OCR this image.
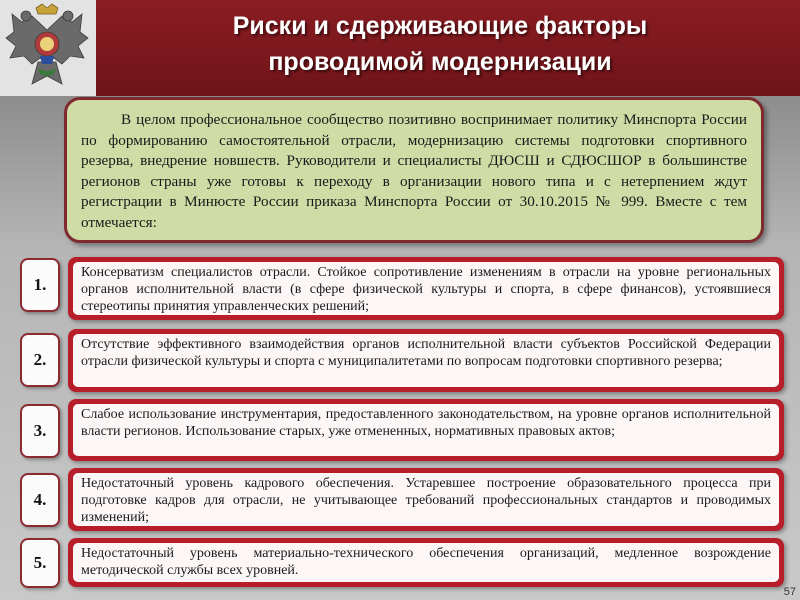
Риски и сдерживающие факторы
проводимой модернизации
В целом профессиональное сообщество позитивно воспринимает политику Минспорта России по формированию самостоятельной отрасли, модернизацию системы подготовки спортивного резерва, внедрение новшеств. Руководители и специалисты ДЮСШ и СДЮСШОР в большинстве регионов страны уже готовы к переходу в организации нового типа и с нетерпением ждут регистрации в Минюсте России приказа Минспорта России от 30.10.2015 № 999. Вместе с тем отмечается:
1.
Консерватизм специалистов отрасли. Стойкое сопротивление изменениям в отрасли на уровне региональных органов исполнительной власти (в сфере физической культуры и спорта, в сфере финансов), устоявшиеся стереотипы принятия управленческих решений;
2.
Отсутствие эффективного взаимодействия органов исполнительной власти субъектов Российской Федерации отрасли физической культуры и спорта с муниципалитетами по вопросам подготовки спортивного резерва;
3.
Слабое использование инструментария, предоставленного законодательством, на уровне органов исполнительной власти регионов. Использование старых, уже отмененных, нормативных правовых актов;
4.
Недостаточный уровень кадрового обеспечения. Устаревшее построение образовательного процесса при подготовке кадров для отрасли, не учитывающее требований профессиональных стандартов и проводимых изменений;
5.	Недостаточный уровень материально-технического обеспечения организаций, медленное возрождение методической службы всех уровней.
57
